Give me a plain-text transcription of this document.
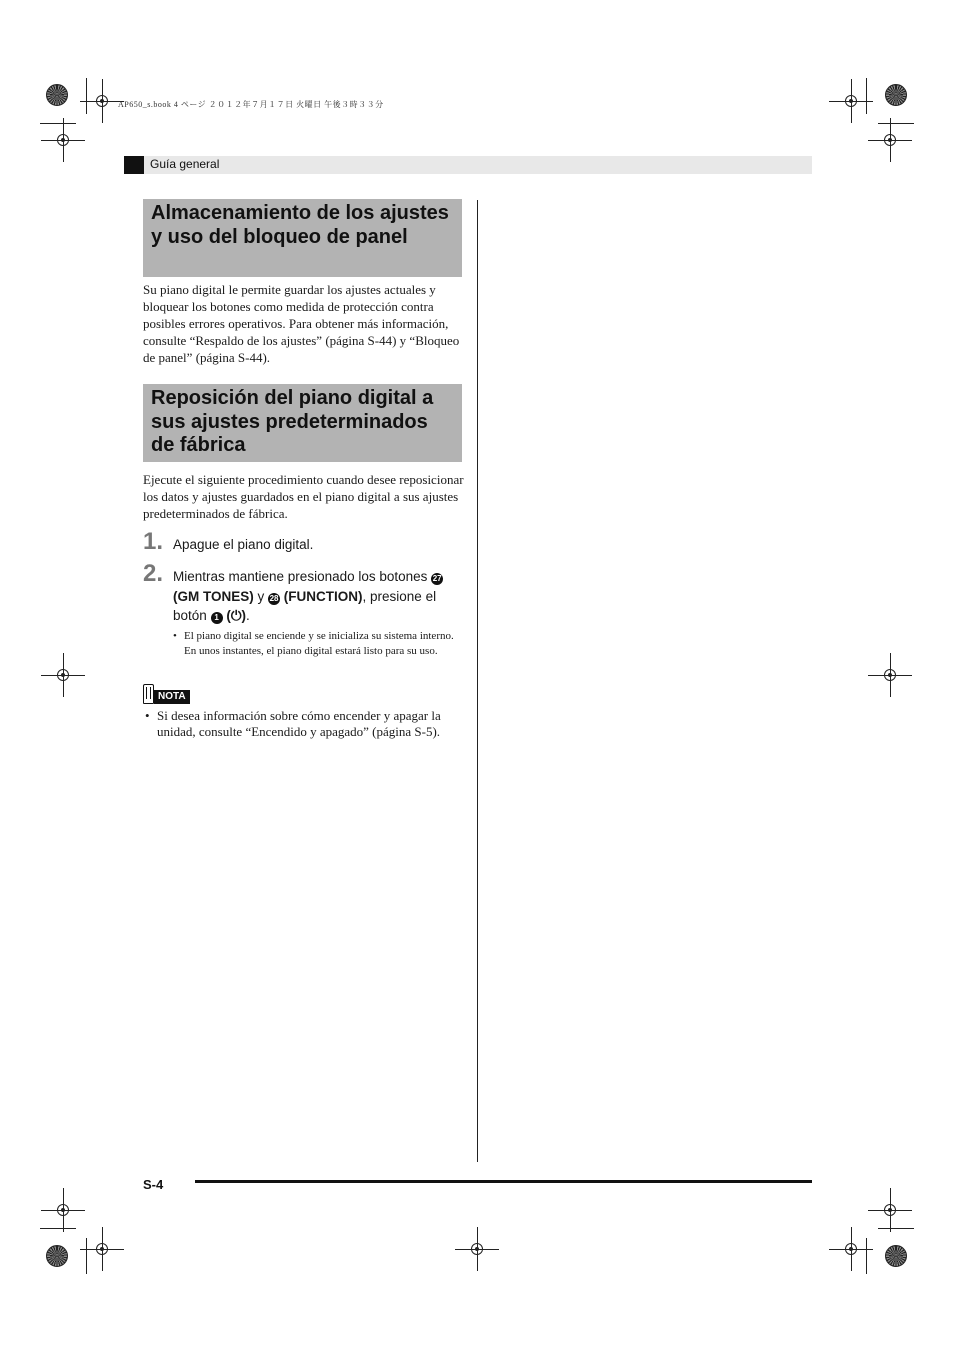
AP650_s.book 4 ページ ２０１２年７月１７日 火曜日 午後３時３３分
Guía general
Almacenamiento de los ajustes y uso del bloqueo de panel
Su piano digital le permite guardar los ajustes actuales y bloquear los botones como medida de protección contra posibles errores operativos. Para obtener más información, consulte “Respaldo de los ajustes” (página S-44) y “Bloqueo de panel” (página S-44).
Reposición del piano digital a sus ajustes predeterminados de fábrica
Ejecute el siguiente procedimiento cuando desee reposicionar los datos y ajustes guardados en el piano digital a sus ajustes predeterminados de fábrica.
1. Apague el piano digital.
2. Mientras mantiene presionado los botones 27
(GM TONES) y 28 (FUNCTION), presione el botón 1 (⏻).
• El piano digital se enciende y se inicializa su sistema interno. En unos instantes, el piano digital estará listo para su uso.
NOTA
• Si desea información sobre cómo encender y apagar la unidad, consulte “Encendido y apagado” (página S-5).
S-4
